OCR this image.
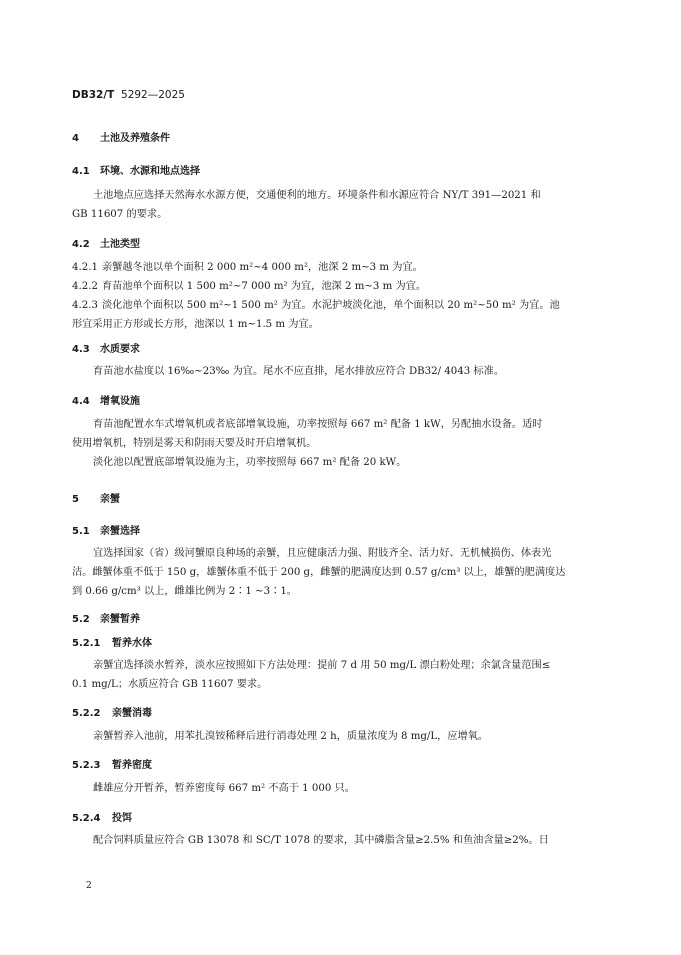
DB32/T 5292—2025
4 土池及养殖条件
4.1 环境、水源和地点选择
土池地点应选择天然海水水源方便，交通便利的地方。环境条件和水源应符合 NY/T 391—2021 和
GB 11607 的要求。
4.2 土池类型
4.2.1 亲蟹越冬池以单个面积 2 000 m²~4 000 m²，池深 2 m~3 m 为宜。
4.2.2 育苗池单个面积以 1 500 m²~7 000 m² 为宜，池深 2 m~3 m 为宜。
4.2.3 淡化池单个面积以 500 m²~1 500 m² 为宜。水泥护坡淡化池，单个面积以 20 m²~50 m² 为宜。池
形宜采用正方形或长方形，池深以 1 m~1.5 m 为宜。
4.3 水质要求
育苗池水盐度以 16‰~23‰ 为宜。尾水不应直排，尾水排放应符合 DB32/ 4043 标准。
4.4 增氧设施
育苗池配置水车式增氧机或者底部增氧设施，功率按照每 667 m² 配备 1 kW，另配抽水设备。适时
使用增氧机，特别是雾天和阴雨天要及时开启增氧机。
淡化池以配置底部增氧设施为主，功率按照每 667 m² 配备 20 kW。
5 亲蟹
5.1 亲蟹选择
宜选择国家（省）级河蟹原良种场的亲蟹，且应健康活力强、附肢齐全、活力好、无机械损伤、体表光
洁。雌蟹体重不低于 150 g，雄蟹体重不低于 200 g，雌蟹的肥满度达到 0.57 g/cm³ 以上，雄蟹的肥满度达
到 0.66 g/cm³ 以上，雌雄比例为 2∶1 ~3∶1。
5.2 亲蟹暂养
5.2.1 暂养水体
亲蟹宜选择淡水暂养，淡水应按照如下方法处理：提前 7 d 用 50 mg/L 漂白粉处理；余氯含量范围≤
0.1 mg/L；水质应符合 GB 11607 要求。
5.2.2 亲蟹消毒
亲蟹暂养入池前，用苯扎溴铵稀释后进行消毒处理 2 h，质量浓度为 8 mg/L，应增氧。
5.2.3 暂养密度
雌雄应分开暂养，暂养密度每 667 m² 不高于 1 000 只。
5.2.4 投饵
配合饲料质量应符合 GB 13078 和 SC/T 1078 的要求，其中磷脂含量≥2.5% 和鱼油含量≥2%。日
2
